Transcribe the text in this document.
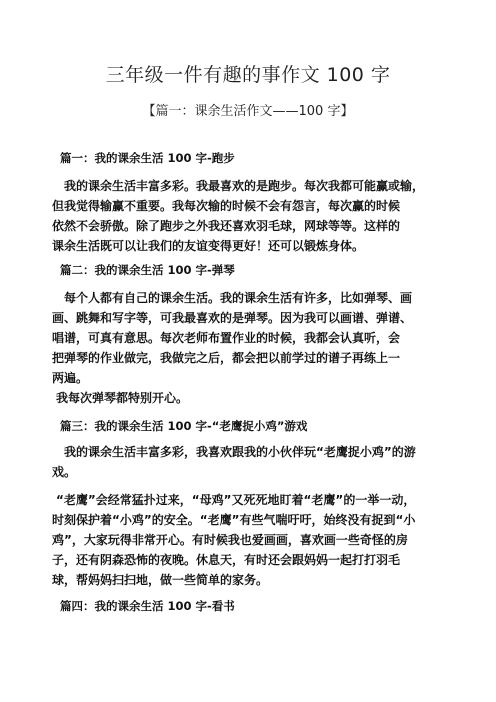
三年级一件有趣的事作文 100 字
【篇一：课余生活作文——100 字】

篇一：我的课余生活 100 字-跑步

我的课余生活丰富多彩。我最喜欢的是跑步。每次我都可能赢或输，

但我觉得输赢不重要。我每次输的时候不会有怨言，每次赢的时候

依然不会骄傲。除了跑步之外我还喜欢羽毛球，网球等等。这样的

课余生活既可以让我们的友谊变得更好！还可以锻炼身体。

篇二：我的课余生活 100 字-弹琴

每个人都有自己的课余生活。我的课余生活有许多，比如弹琴、画

画、跳舞和写字等，可我最喜欢的是弹琴。因为我可以画谱、弹谱、

唱谱，可真有意思。每次老师布置作业的时候，我都会认真听，会

把弹琴的作业做完，我做完之后，都会把以前学过的谱子再练上一

两遍。

我每次弹琴都特别开心。

篇三：我的课余生活 100 字-“老鹰捉小鸡”游戏

我的课余生活丰富多彩，我喜欢跟我的小伙伴玩“老鹰捉小鸡”的游

戏。

“老鹰”会经常猛扑过来，“母鸡”又死死地盯着“老鹰”的一举一动，

时刻保护着“小鸡”的安全。“老鹰”有些气喘吁吁，始终没有捉到“小

鸡”，大家玩得非常开心。有时候我也爱画画，喜欢画一些奇怪的房

子，还有阴森恐怖的夜晚。休息天，有时还会跟妈妈一起打打羽毛

球，帮妈妈扫扫地，做一些简单的家务。

篇四：我的课余生活 100 字-看书
